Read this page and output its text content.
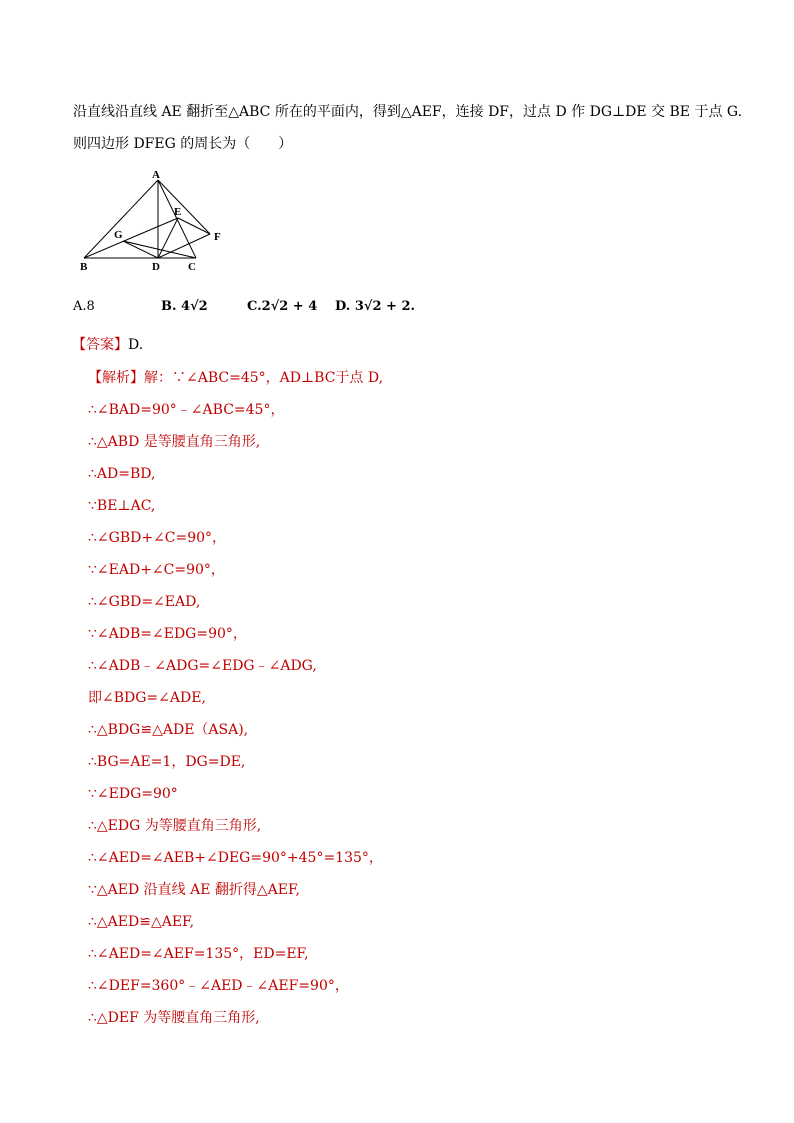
沿直线沿直线 AE 翻折至△ABC 所在的平面内，得到△AEF，连接 DF，过点 D 作 DG⊥DE 交 BE 于点 G.
则四边形 DFEG 的周长为（　　）
A
B	C
D
E
F
G
A.8	B. 4√2	C.2√2 + 4 D. 3√2 + 2.
【答案】D.
【解析】解：∵∠ABC=45°，AD⊥BC于点 D,
∴∠BAD=90°﹣∠ABC=45°，
∴△ABD 是等腰直角三角形,
∴AD=BD,
∵BE⊥AC,
∴∠GBD+∠C=90°，
∵∠EAD+∠C=90°，
∴∠GBD=∠EAD,
∵∠ADB=∠EDG=90°，
∴∠ADB﹣∠ADG=∠EDG﹣∠ADG,
即∠BDG=∠ADE,
∴△BDG≌△ADE（ASA),
∴BG=AE=1，DG=DE,
∵∠EDG=90°
∴△EDG 为等腰直角三角形,
∴∠AED=∠AEB+∠DEG=90°+45°=135°，
∵△AED 沿直线 AE 翻折得△AEF,
∴△AED≌△AEF,
∴∠AED=∠AEF=135°，ED=EF,
∴∠DEF=360°﹣∠AED﹣∠AEF=90°，
∴△DEF 为等腰直角三角形,
